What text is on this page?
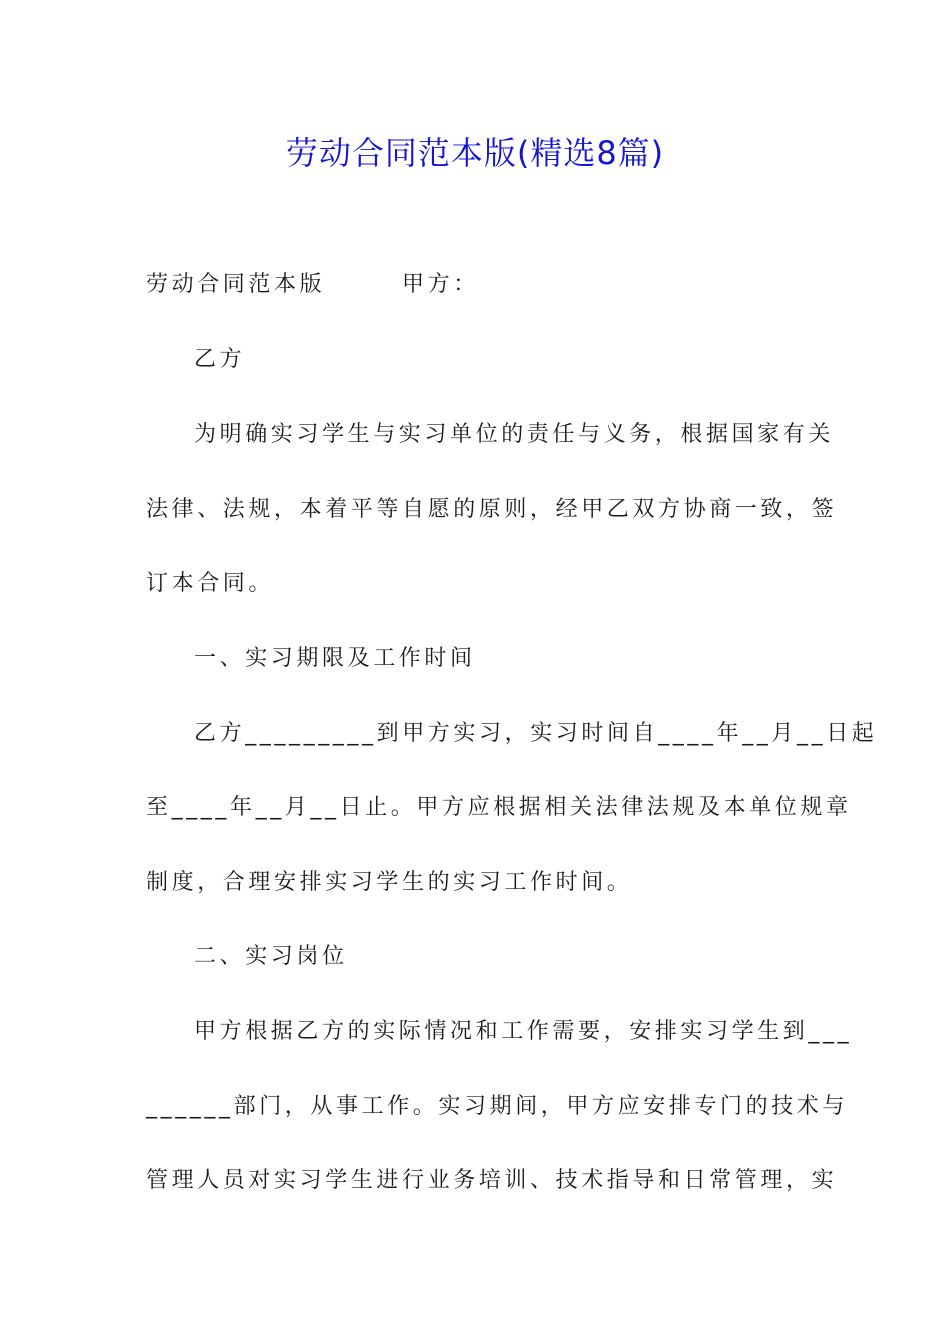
劳动合同范本版(精选8篇)
劳动合同范本版　　　甲方：
乙方
为明确实习学生与实习单位的责任与义务，根据国家有关
法律、法规，本着平等自愿的原则，经甲乙双方协商一致，签
订本合同。
一、实习期限及工作时间
乙方_________到甲方实习，实习时间自____年__月__日起
至____年__月__日止。甲方应根据相关法律法规及本单位规章
制度，合理安排实习学生的实习工作时间。
二、实习岗位
甲方根据乙方的实际情况和工作需要，安排实习学生到___
______部门，从事工作。实习期间，甲方应安排专门的技术与
管理人员对实习学生进行业务培训、技术指导和日常管理，实
